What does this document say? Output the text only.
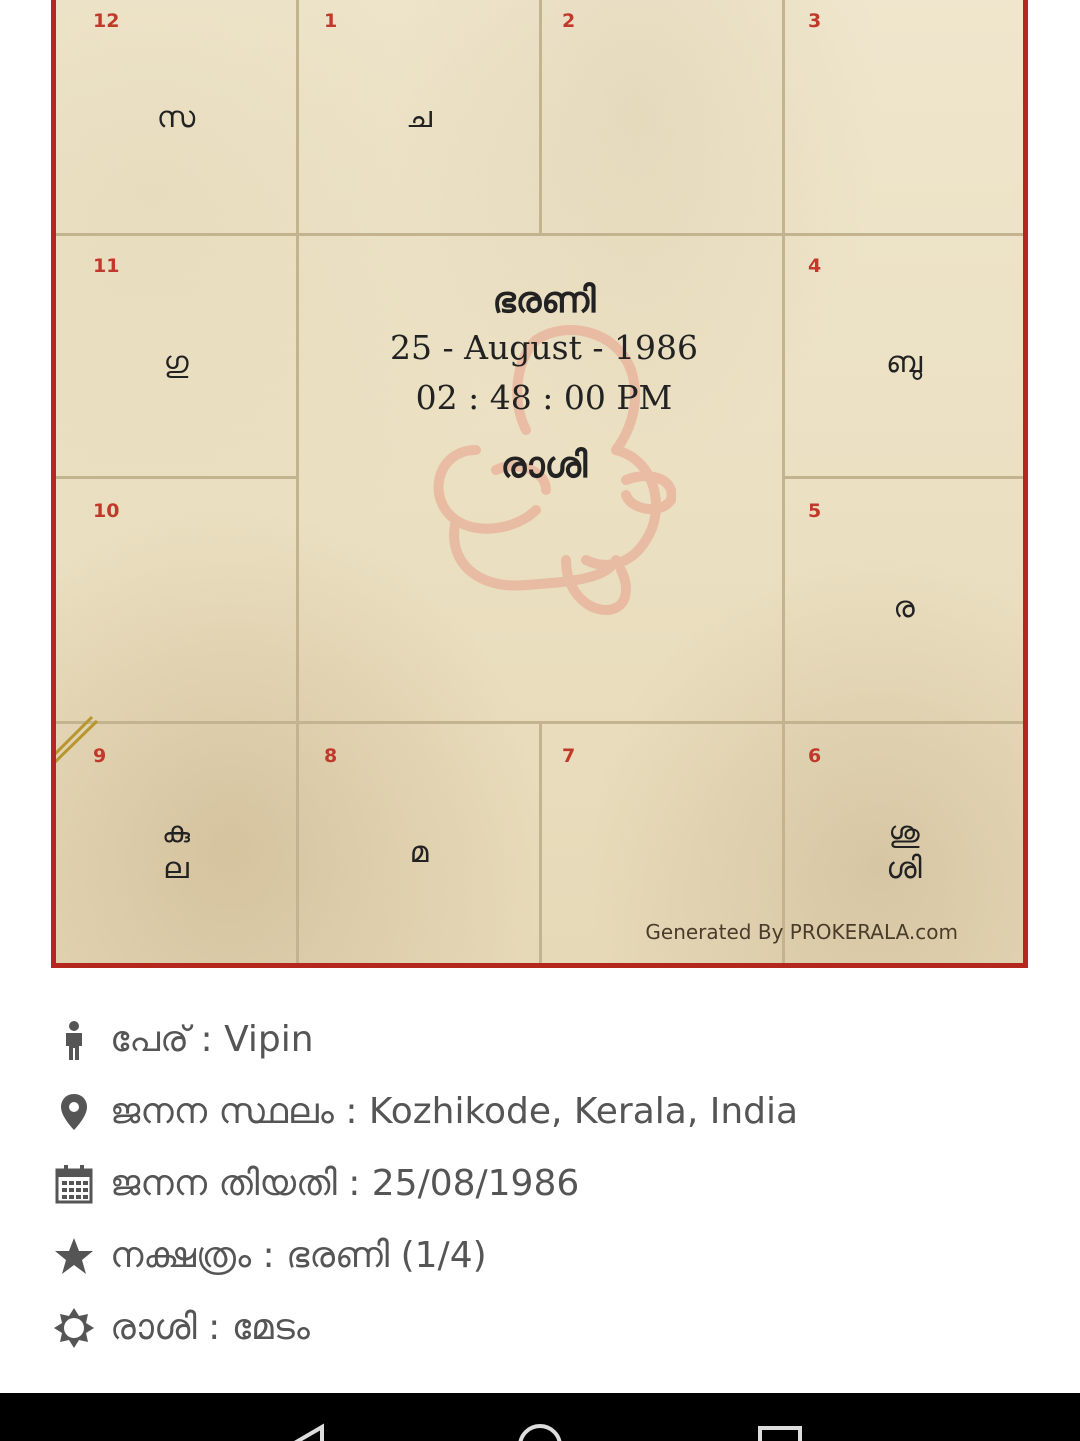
12
സ
1
ച
2	3
4
ബു
5
ര
6
ശു
ശി
7
8
മ
9
കു
ല
10
11
ഗു
ഭരണി
25 - August - 1986
02 : 48 : 00 PM
രാശി
Generated By PROKERALA.com
പേര് : Vipin
ജനന സ്ഥലം : Kozhikode, Kerala, India
ജനന തിയതി : 25/08/1986
നക്ഷത്രം : ഭരണി (1/4)
രാശി : മേടം
